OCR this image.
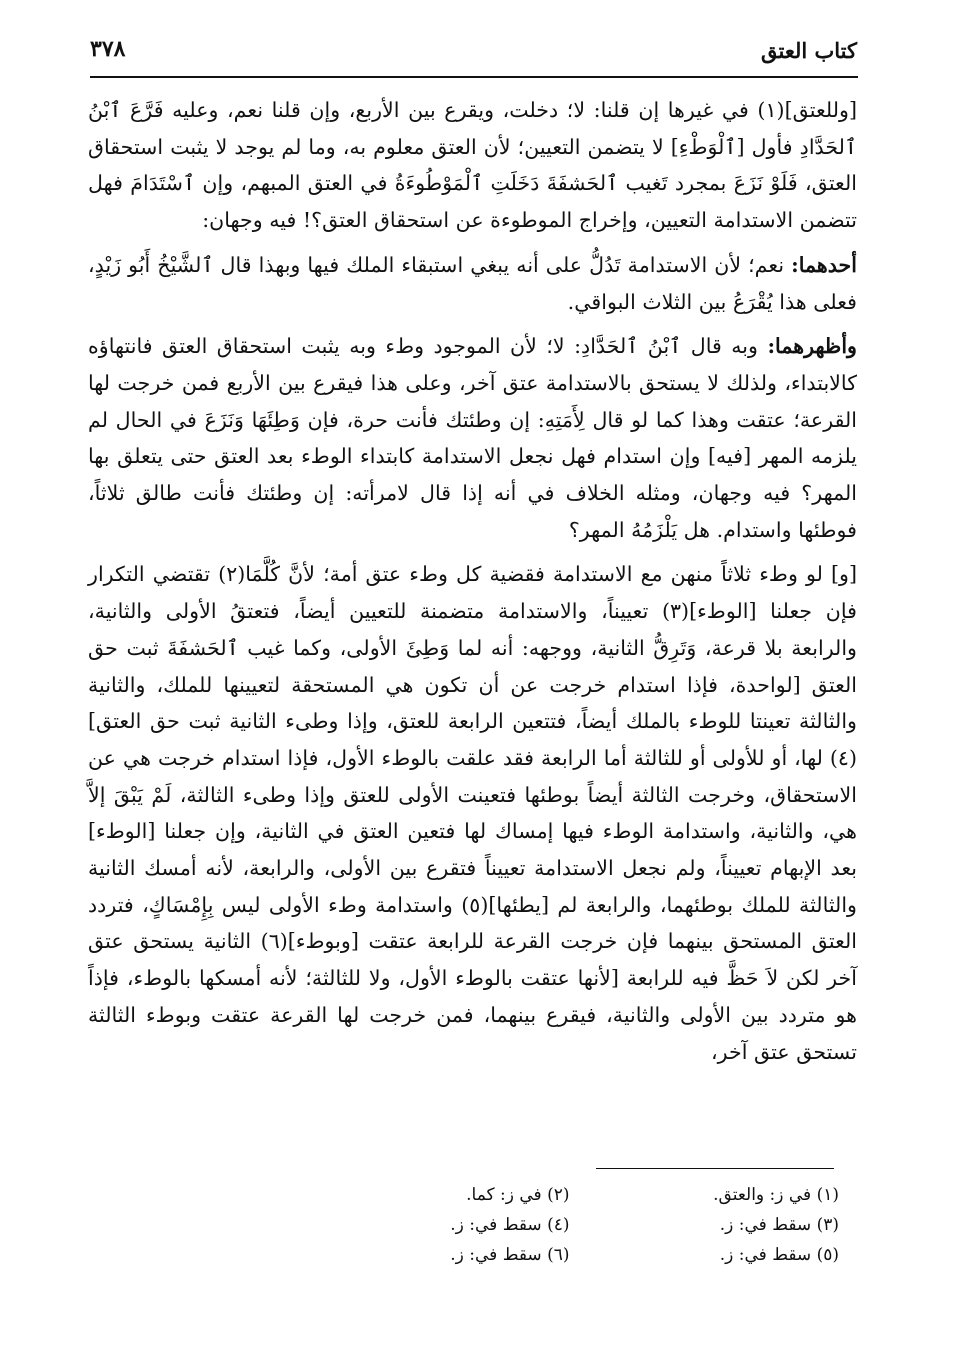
كتاب العتق
٣٧٨

[وللعتق](١) في غيرها إن قلنا: لا؛ دخلت، ويقرع بين الأربع، وإن قلنا نعم، وعليه فَرَّعَ ٱبْنُ ٱلحَدَّادِ فأول [ٱلْوَطْءِ] لا يتضمن التعيين؛ لأن العتق معلوم به، وما لم يوجد لا يثبت استحقاق العتق، فَلَوْ نَزَعَ بمجرد تَغيب ٱلحَشفَةَ دَخَلَتِ ٱلْمَوْطُوءَةُ في العتق المبهم، وإن ٱسْتَدَامَ فهل تتضمن الاستدامة التعيين، وإخراج الموطوءة عن استحقاق العتق؟! فيه وجهان:

أحدهما: نعم؛ لأن الاستدامة تَدُلُّ على أنه يبغي استبقاء الملك فيها وبهذا قال ٱلشَّيْخُ أَبُو زَيْدٍ، فعلى هذا يُقْرَعُ بين الثلاث البواقي.

وأظهرهما: وبه قال ٱبْنُ ٱلحَدَّادِ: لا؛ لأن الموجود وطء وبه يثبت استحقاق العتق فانتهاؤه كالابتداء، ولذلك لا يستحق بالاستدامة عتق آخر، وعلى هذا فيقرع بين الأربع فمن خرجت لها القرعة؛ عتقت وهذا كما لو قال لِأَمَتِهِ: إن وطئتك فأنت حرة، فإن وَطِئَهَا وَنَزَعَ في الحال لم يلزمه المهر [فيه] وإن استدام فهل نجعل الاستدامة كابتداء الوطء بعد العتق حتى يتعلق بها المهر؟ فيه وجهان، ومثله الخلاف في أنه إذا قال لامرأته: إن وطئتك فأنت طالق ثلاثاً، فوطئها واستدام. هل يَلْزَمُهُ المهر؟

[و] لو وطء ثلاثاً منهن مع الاستدامة فقضية كل وطء عتق أمة؛ لأنَّ كُلَّمَا(٢) تقتضي التكرار فإن جعلنا [الوطء](٣) تعييناً، والاستدامة متضمنة للتعيين أيضاً، فتعتقُ الأولى والثانية، والرابعة بلا قرعة، وَتَرِقُّ الثانية، ووجهه: أنه لما وَطِئَ الأولى، وكما غيب ٱلحَشفَةَ ثبت حق العتق [لواحدة، فإذا استدام خرجت عن أن تكون هي المستحقة لتعيينها للملك، والثانية والثالثة تعينتا للوطء بالملك أيضاً، فتتعين الرابعة للعتق، وإذا وطىء الثانية ثبت حق العتق](٤) لها، أو للأولى أو للثالثة أما الرابعة فقد علقت بالوطء الأول، فإذا استدام خرجت هي عن الاستحقاق، وخرجت الثالثة أيضاً بوطئها فتعينت الأولى للعتق وإذا وطىء الثالثة، لَمْ يَبْقَ إلاَّ هي، والثانية، واستدامة الوطء فيها إمساك لها فتعين العتق في الثانية، وإن جعلنا [الوطء] بعد الإبهام تعييناً، ولم نجعل الاستدامة تعييناً فتقرع بين الأولى، والرابعة، لأنه أمسك الثانية والثالثة للملك بوطئهما، والرابعة لم [يطئها](٥) واستدامة وطء الأولى ليس بِإِمْسَاكٍ، فتردد العتق المستحق بينهما فإن خرجت القرعة للرابعة عتقت [وبوطء](٦) الثانية يستحق عتق آخر لكن لاَ حَظَّ فيه للرابعة [لأنها عتقت بالوطء الأول، ولا للثالثة؛ لأنه أمسكها بالوطء، فإذاً هو متردد بين الأولى والثانية، فيقرع بينهما، فمن خرجت لها القرعة عتقت وبوطء الثالثة تستحق عتق آخر،

(١) في ز: والعتق.
(٢) في ز: كما.
(٣) سقط في: ز.
(٤) سقط في: ز.
(٥) سقط في: ز.
(٦) سقط في: ز.
